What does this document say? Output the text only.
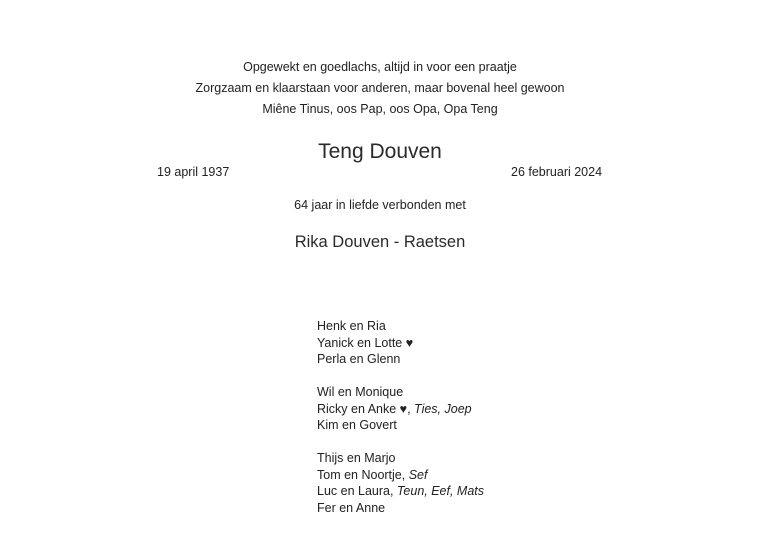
Opgewekt en goedlachs, altijd in voor een praatje
Zorgzaam en klaarstaan voor anderen, maar bovenal heel gewoon
Miêne Tinus, oos Pap, oos Opa, Opa Teng
Teng Douven
19 april 1937	26 februari 2024
64 jaar in liefde verbonden met
Rika Douven - Raetsen
Henk en Ria
Yanick en Lotte ♥
Perla en Glenn
Wil en Monique
Ricky en Anke ♥, Ties, Joep
Kim en Govert
Thijs en Marjo
Tom en Noortje, Sef
Luc en Laura, Teun, Eef, Mats
Fer en Anne
